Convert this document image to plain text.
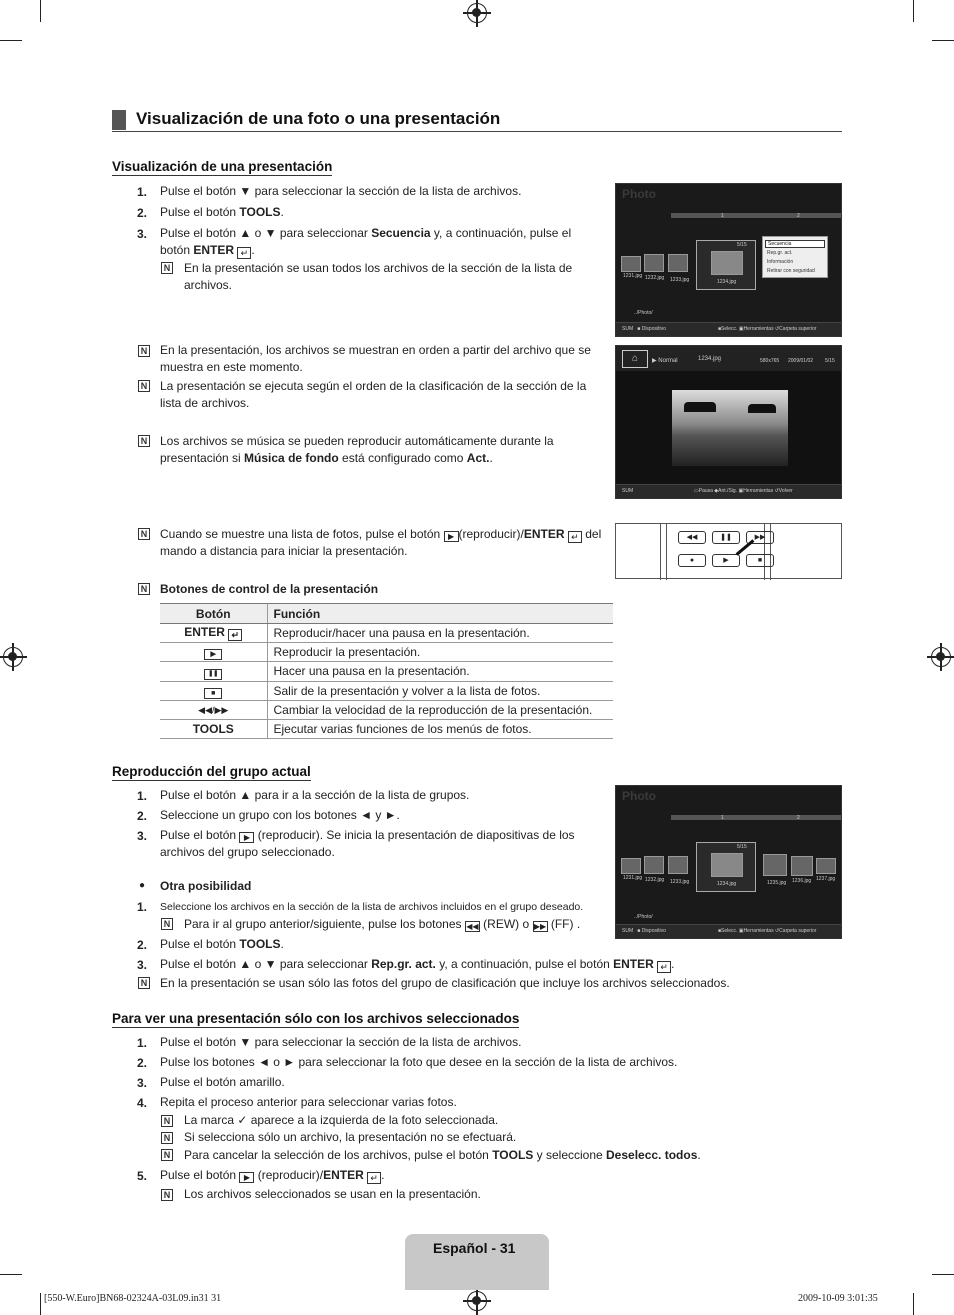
Visualización de una foto o una presentación
Visualización de una presentación
1. Pulse el botón ▼ para seleccionar la sección de la lista de archivos.
2. Pulse el botón TOOLS.
3. Pulse el botón ▲ o ▼ para seleccionar Secuencia y, a continuación, pulse el botón ENTER ↵ .
N
En la presentación se usan todos los archivos de la sección de la lista de archivos.
N
En la presentación, los archivos se muestran en orden a partir del archivo que se muestra en este momento.
N
La presentación se ejecuta según el orden de la clasificación de la sección de la lista de archivos.
N
Los archivos se música se pueden reproducir automáticamente durante la presentación si Música de fondo está configurado como Act..
N
Cuando se muestre una lista de fotos, pulse el botón ▶ (reproducir)/ENTER ↵ del mando a distancia para iniciar la presentación.
N
Botones de control de la presentación
Photo
1	2
1231.jpg 1232.jpg 1233.jpg
5/15
1234.jpg
Secuencia
Rep.gr. act.
Información
Retirar con seguridad
../Photo/
SUM   ■ Dispositivo	■Selecc. ▣Herramientas ↺Carpeta superior
⌂	▶ Normal	1234.jpg	580x765 2009/01/02 5/15
SUM	▭Pausa ◆Ant./Sig. ▣Herramientas ↺Volver
◀◀	❚❚	▶▶
●	▶	■
Botón	Función
ENTER ↵	Reproducir/hacer una pausa en la presentación.
▶	Reproducir la presentación.
❚❚	Hacer una pausa en la presentación.
■	Salir de la presentación y volver a la lista de fotos.
◀◀/▶▶	Cambiar la velocidad de la reproducción de la presentación.
TOOLS	Ejecutar varias funciones de los menús de fotos.
Reproducción del grupo actual
1. Pulse el botón ▲ para ir a la sección de la lista de grupos.
2. Seleccione un grupo con los botones ◄ y ►.
3. Pulse el botón ▶ (reproducir). Se inicia la presentación de diapositivas de los archivos del grupo seleccionado.
● Otra posibilidad
1. Seleccione los archivos en la sección de la lista de archivos incluidos en el grupo deseado.
N
Para ir al grupo anterior/siguiente, pulse los botones ◀◀ (REW) o ▶▶ (FF) .
2. Pulse el botón TOOLS.
3. Pulse el botón ▲ o ▼ para seleccionar Rep.gr. act. y, a continuación, pulse el botón ENTER ↵ .
N
En la presentación se usan sólo las fotos del grupo de clasificación que incluye los archivos seleccionados.
Photo
1	2
1231.jpg 1232.jpg 1233.jpg
5/15
1234.jpg	1235.jpg 1236.jpg 1237.jpg
../Photo/
SUM   ■ Dispositivo	■Selecc. ▣Herramientas ↺Carpeta superior
Para ver una presentación sólo con los archivos seleccionados
1. Pulse el botón ▼ para seleccionar la sección de la lista de archivos.
2. Pulse los botones ◄ o ► para seleccionar la foto que desee en la sección de la lista de archivos.
3. Pulse el botón amarillo.
4. Repita el proceso anterior para seleccionar varias fotos.
N
La marca ✓ aparece a la izquierda de la foto seleccionada.
N
Si selecciona sólo un archivo, la presentación no se efectuará.
N
Para cancelar la selección de los archivos, pulse el botón TOOLS y seleccione Deselecc. todos.
5. Pulse el botón ▶ (reproducir)/ENTER ↵ .
N
Los archivos seleccionados se usan en la presentación.
Español - 31
[550-W.Euro]BN68-02324A-03L09.in31 31	2009-10-09 3:01:35
